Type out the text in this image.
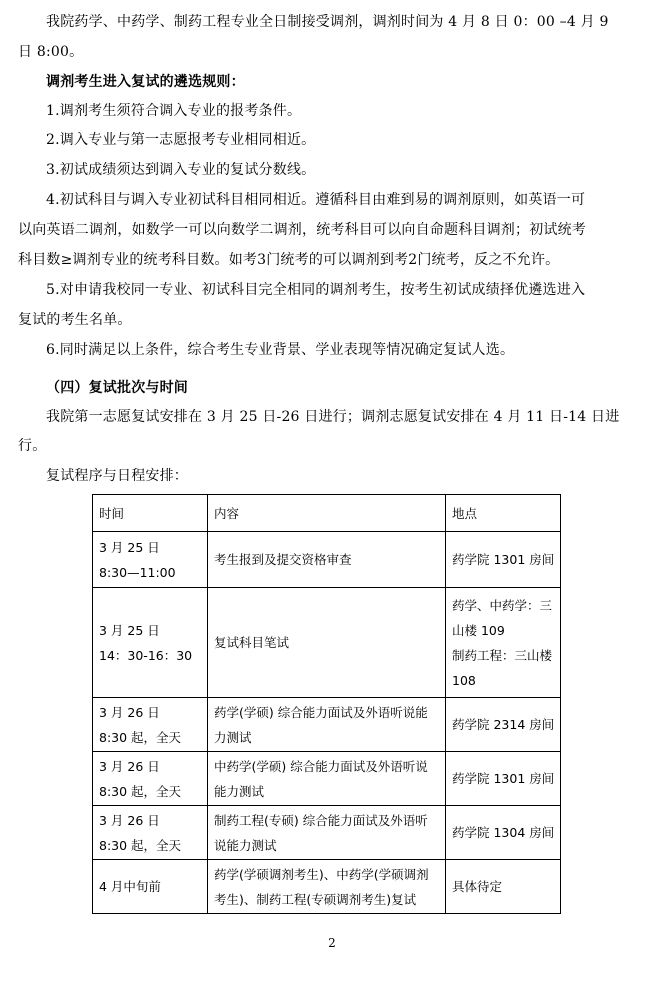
我院药学、中药学、制药工程专业全日制接受调剂，调剂时间为 4 月 8 日 0：00 –4 月 9
日 8:00。
调剂考生进入复试的遴选规则：
1.调剂考生须符合调入专业的报考条件。
2.调入专业与第一志愿报考专业相同相近。
3.初试成绩须达到调入专业的复试分数线。
4.初试科目与调入专业初试科目相同相近。遵循科目由难到易的调剂原则，如英语一可
以向英语二调剂，如数学一可以向数学二调剂，统考科目可以向自命题科目调剂；初试统考
科目数≥调剂专业的统考科目数。如考3门统考的可以调剂到考2门统考，反之不允许。
5.对申请我校同一专业、初试科目完全相同的调剂考生，按考生初试成绩择优遴选进入
复试的考生名单。
6.同时满足以上条件，综合考生专业背景、学业表现等情况确定复试人选。
（四）复试批次与时间
我院第一志愿复试安排在 3 月 25 日-26 日进行；调剂志愿复试安排在 4 月 11 日-14 日进
行。
复试程序与日程安排：
时间	内容	地点

3 月 25 日
8:30—11:00	考生报到及提交资格审查	药学院 1301 房间

3 月 25 日
14：30-16：30	复试科目笔试	药学、中药学：三
山楼 109
制药工程：三山楼
108

3 月 26 日
8:30 起，全天	药学(学硕) 综合能力面试及外语听说能
力测试	药学院 2314 房间

3 月 26 日
8:30 起，全天	中药学(学硕) 综合能力面试及外语听说
能力测试	药学院 1301 房间

3 月 26 日
8:30 起，全天	制药工程(专硕) 综合能力面试及外语听
说能力测试	药学院 1304 房间
4 月中旬前	药学(学硕调剂考生)、中药学(学硕调剂
考生)、制药工程(专硕调剂考生)复试	具体待定
2
